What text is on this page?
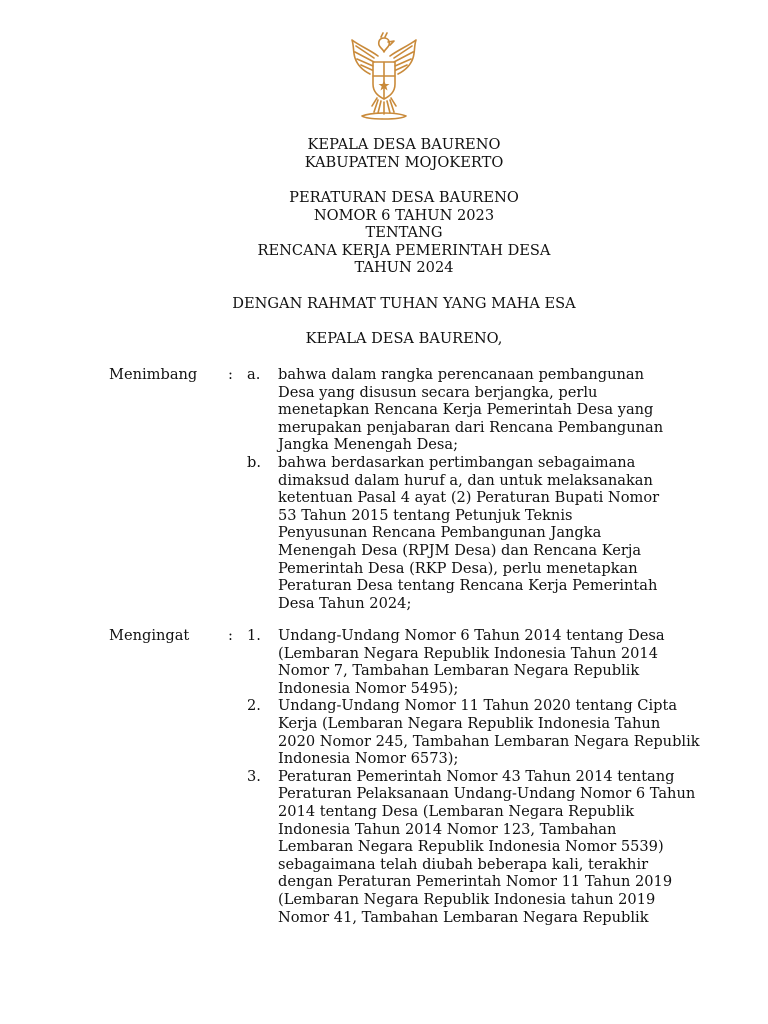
KEPALA DESA BAURENO
KABUPATEN MOJOKERTO
PERATURAN DESA BAURENO
NOMOR 6 TAHUN 2023
TENTANG
RENCANA KERJA PEMERINTAH DESA
TAHUN 2024
DENGAN RAHMAT TUHAN YANG MAHA ESA
KEPALA DESA BAURENO,
Menimbang : a. bahwa dalam rangka perencanaan pembangunan
Desa yang disusun secara berjangka, perlu
menetapkan Rencana Kerja Pemerintah Desa yang
merupakan penjabaran dari Rencana Pembangunan
Jangka Menengah Desa;
b. bahwa berdasarkan pertimbangan sebagaimana
dimaksud dalam huruf a, dan untuk melaksanakan
ketentuan Pasal 4 ayat (2) Peraturan Bupati Nomor
53 Tahun 2015 tentang Petunjuk Teknis
Penyusunan Rencana Pembangunan Jangka
Menengah Desa (RPJM Desa) dan Rencana Kerja
Pemerintah Desa (RKP Desa), perlu menetapkan
Peraturan Desa tentang Rencana Kerja Pemerintah
Desa Tahun 2024;
Mengingat	: 1. Undang-Undang Nomor 6 Tahun 2014 tentang Desa
(Lembaran Negara Republik Indonesia Tahun 2014
Nomor 7, Tambahan Lembaran Negara Republik
Indonesia Nomor 5495);
2. Undang-Undang Nomor 11 Tahun 2020 tentang Cipta
Kerja (Lembaran Negara Republik Indonesia Tahun
2020 Nomor 245, Tambahan Lembaran Negara Republik
Indonesia Nomor 6573);
3. Peraturan Pemerintah Nomor 43 Tahun 2014 tentang
Peraturan Pelaksanaan Undang-Undang Nomor 6 Tahun
2014 tentang Desa (Lembaran Negara Republik
Indonesia Tahun 2014 Nomor 123, Tambahan
Lembaran Negara Republik Indonesia Nomor 5539)
sebagaimana telah diubah beberapa kali, terakhir
dengan Peraturan Pemerintah Nomor 11 Tahun 2019
(Lembaran Negara Republik Indonesia tahun 2019
Nomor 41, Tambahan Lembaran Negara Republik
